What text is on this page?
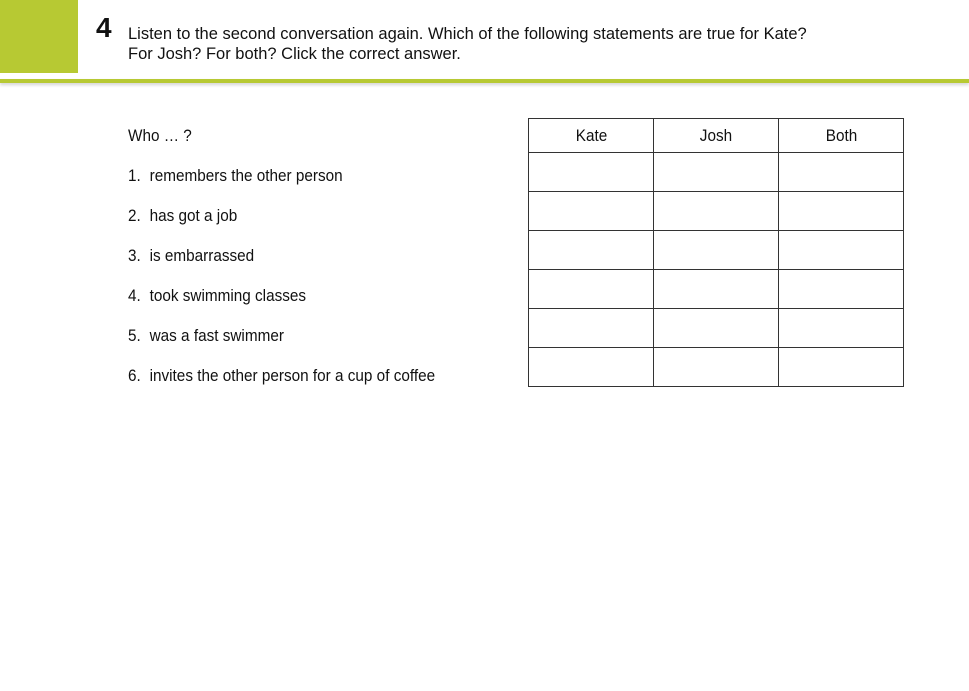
4 Listen to the second conversation again. Which of the following statements are true for Kate?
For Josh? For both? Click the correct answer.
Who … ?
1. remembers the other person
2. has got a job
3. is embarrassed
4. took swimming classes
5. was a fast swimmer
6. invites the other person for a cup of coffee
Kate	Josh	Both
